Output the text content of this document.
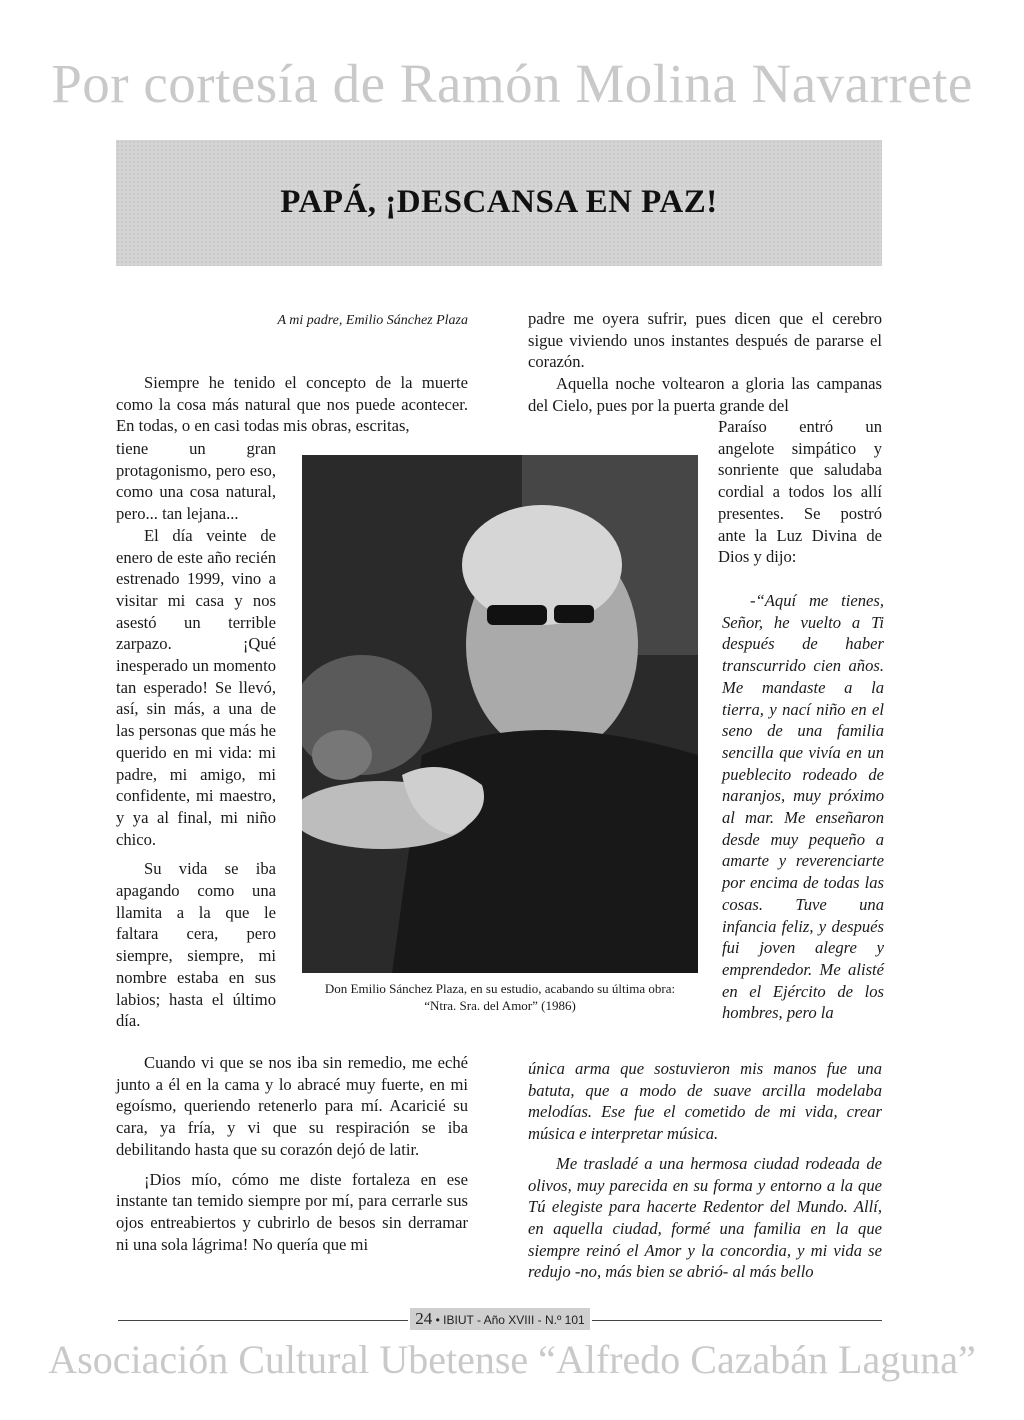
Por cortesía de Ramón Molina Navarrete
PAPÁ, ¡DESCANSA EN PAZ!

A mi padre, Emilio Sánchez Plaza

Siempre he tenido el concepto de la muerte como la cosa más natural que nos puede acontecer. En todas, o en casi todas mis obras, escritas,

tiene un gran protagonismo, pero eso, como una cosa natural, pero... tan lejana...

El día veinte de enero de este año recién estrenado 1999, vino a visitar mi casa y nos asestó un terrible zarpazo. ¡Qué inesperado un momento tan esperado! Se llevó, así, sin más, a una de las personas que más he querido en mi vida: mi padre, mi amigo, mi confidente, mi maestro, y ya al final, mi niño chico.

Su vida se iba apagando como una llamita a la que le faltara cera, pero siempre, siempre, mi nombre estaba en sus labios; hasta el último día.

Don Emilio Sánchez Plaza, en su estudio, acabando su última obra:
“Ntra. Sra. del Amor” (1986)

Cuando vi que se nos iba sin remedio, me eché junto a él en la cama y lo abracé muy fuerte, en mi egoísmo, queriendo retenerlo para mí. Acaricié su cara, ya fría, y vi que su respiración se iba debilitando hasta que su corazón dejó de latir.

¡Dios mío, cómo me diste fortaleza en ese instante tan temido siempre por mí, para cerrarle sus ojos entreabiertos y cubrirlo de besos sin derramar ni una sola lágrima! No quería que mi

padre me oyera sufrir, pues dicen que el cerebro sigue viviendo unos instantes después de pararse el corazón.

Aquella noche voltearon a gloria las campanas del Cielo, pues por la puerta grande del

Paraíso entró un angelote simpático y sonriente que saludaba cordial a todos los allí presentes. Se postró ante la Luz Divina de Dios y dijo:

-“Aquí me tienes, Señor, he vuelto a Ti después de haber transcurrido cien años. Me mandaste a la tierra, y nací niño en el seno de una familia sencilla que vivía en un pueblecito rodeado de naranjos, muy próximo al mar. Me enseñaron desde muy pequeño a amarte y reverenciarte por encima de todas las cosas. Tuve una infancia feliz, y después fui joven alegre y emprendedor. Me alisté en el Ejército de los hombres, pero la

única arma que sostuvieron mis manos fue una batuta, que a modo de suave arcilla modelaba melodías. Ese fue el cometido de mi vida, crear música e interpretar música.

Me trasladé a una hermosa ciudad rodeada de olivos, muy parecida en su forma y entorno a la que Tú elegiste para hacerte Redentor del Mundo. Allí, en aquella ciudad, formé una familia en la que siempre reinó el Amor y la concordia, y mi vida se redujo -no, más bien se abrió- al más bello

24 • IBIUT - Año XVIII - N.º 101
Asociación Cultural Ubetense “Alfredo Cazabán Laguna”
